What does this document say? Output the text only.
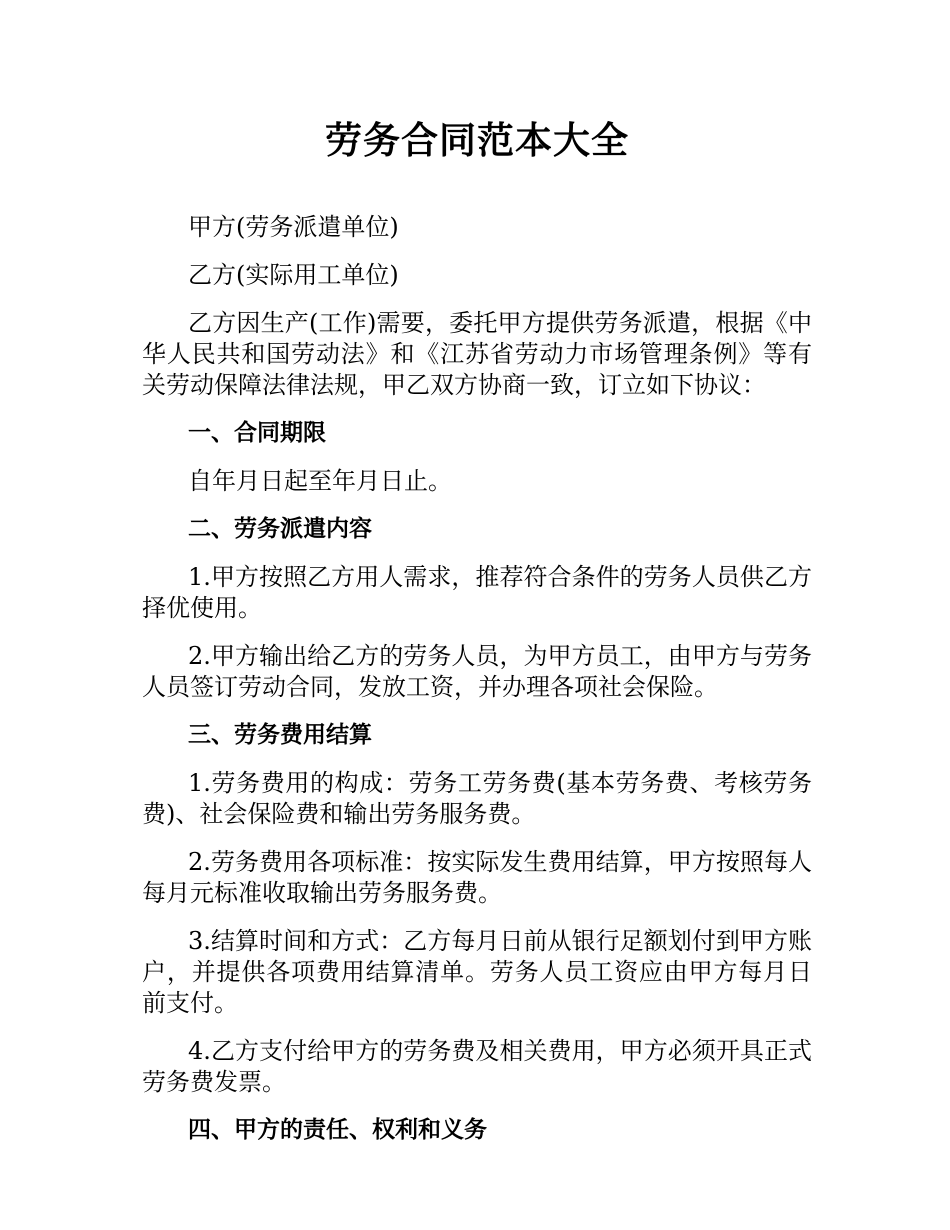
劳务合同范本大全

甲方(劳务派遣单位)

乙方(实际用工单位)

乙方因生产(工作)需要，委托甲方提供劳务派遣，根据《中华人民共和国劳动法》和《江苏省劳动力市场管理条例》等有关劳动保障法律法规，甲乙双方协商一致，订立如下协议：

一、合同期限

自年月日起至年月日止。

二、劳务派遣内容

1.甲方按照乙方用人需求，推荐符合条件的劳务人员供乙方择优使用。

2.甲方输出给乙方的劳务人员，为甲方员工，由甲方与劳务人员签订劳动合同，发放工资，并办理各项社会保险。

三、劳务费用结算

1.劳务费用的构成：劳务工劳务费(基本劳务费、考核劳务费)、社会保险费和输出劳务服务费。

2.劳务费用各项标准：按实际发生费用结算，甲方按照每人每月元标准收取输出劳务服务费。

3.结算时间和方式：乙方每月日前从银行足额划付到甲方账户，并提供各项费用结算清单。劳务人员工资应由甲方每月日前支付。

4.乙方支付给甲方的劳务费及相关费用，甲方必须开具正式劳务费发票。

四、甲方的责任、权利和义务
